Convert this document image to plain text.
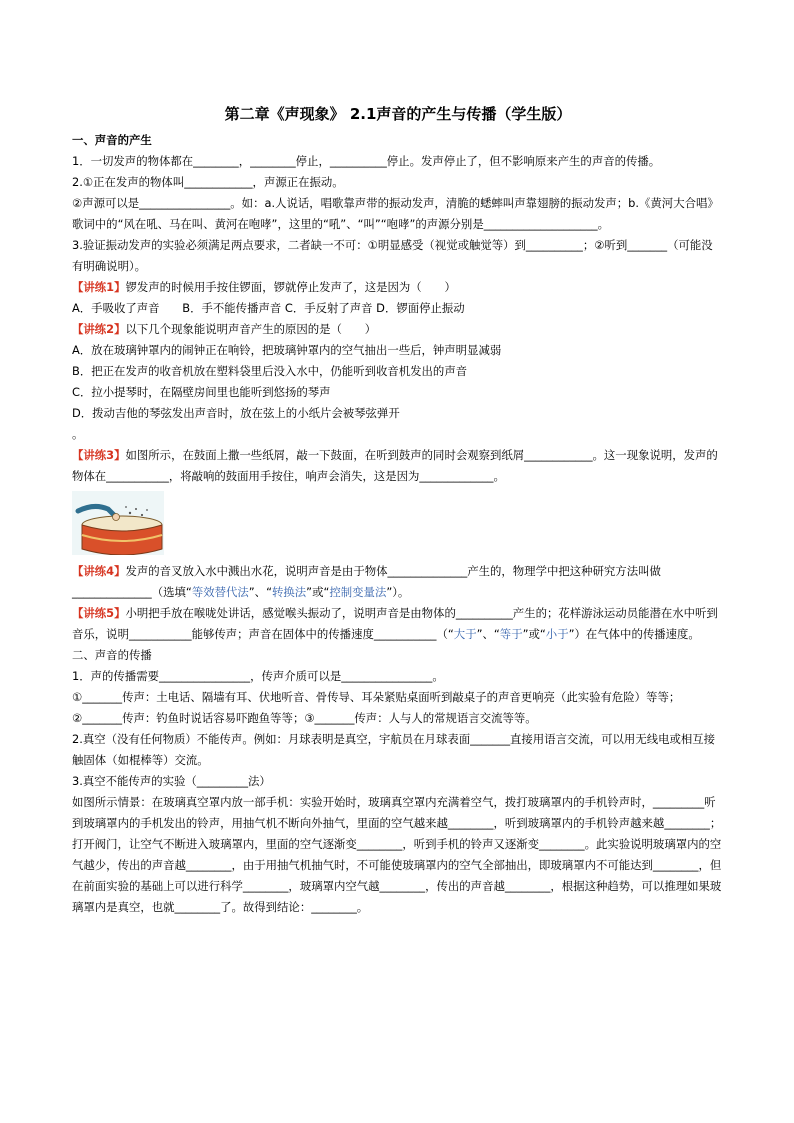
第二章《声现象》 2.1声音的产生与传播（学生版）

一、声音的产生

1．一切发声的物体都在________，________停止，__________停止。发声停止了，但不影响原来产生的声音的传播。

2.①正在发声的物体叫____________，声源正在振动。

②声源可以是________________。如：a.人说话，唱歌靠声带的振动发声，清脆的蟋蟀叫声靠翅膀的振动发声；b.《黄河大合唱》歌词中的“风在吼、马在叫、黄河在咆哮”，这里的“吼”、“叫”“咆哮”的声源分别是____________________。

3.验证振动发声的实验必须满足两点要求，二者缺一不可：①明显感受（视觉或触觉等）到__________；②听到_______（可能没有明确说明）。

【讲练1】锣发声的时候用手按住锣面，锣就停止发声了，这是因为（　　）

A．手吸收了声音　　B．手不能传播声音 C．手反射了声音 D．锣面停止振动

【讲练2】以下几个现象能说明声音产生的原因的是（　　）

A．放在玻璃钟罩内的闹钟正在响铃，把玻璃钟罩内的空气抽出一些后，钟声明显减弱

B．把正在发声的收音机放在塑料袋里后没入水中，仍能听到收音机发出的声音

C．拉小提琴时，在隔壁房间里也能听到悠扬的琴声

D．拨动吉他的琴弦发出声音时，放在弦上的小纸片会被琴弦弹开

。

【讲练3】如图所示，在鼓面上撒一些纸屑，敲一下鼓面，在听到鼓声的同时会观察到纸屑____________。这一现象说明，发声的物体在___________，将敲响的鼓面用手按住，响声会消失，这是因为_____________。

【讲练4】发声的音叉放入水中溅出水花，说明声音是由于物体______________产生的，物理学中把这种研究方法叫做______________（选填“等效替代法”、“转换法”或“控制变量法”）。

【讲练5】小明把手放在喉咙处讲话，感觉喉头振动了，说明声音是由物体的__________产生的；花样游泳运动员能潜在水中听到音乐，说明___________能够传声；声音在固体中的传播速度___________（“大于”、“等于”或“小于”）在气体中的传播速度。

二、声音的传播

1．声的传播需要________________，传声介质可以是________________。

①_______传声：土电话、隔墙有耳、伏地听音、骨传导、耳朵紧贴桌面听到敲桌子的声音更响亮（此实验有危险）等等；②_______传声：钓鱼时说话容易吓跑鱼等等；③_______传声：人与人的常规语言交流等等。

2.真空（没有任何物质）不能传声。例如：月球表明是真空，宇航员在月球表面_______直接用语言交流，可以用无线电或相互接触固体（如棍棒等）交流。

3.真空不能传声的实验（_________法）

如图所示情景：在玻璃真空罩内放一部手机：实验开始时，玻璃真空罩内充满着空气，拨打玻璃罩内的手机铃声时，_________听到玻璃罩内的手机发出的铃声，用抽气机不断向外抽气，里面的空气越来越________，听到玻璃罩内的手机铃声越来越________；打开阀门，让空气不断进入玻璃罩内，里面的空气逐渐变________，听到手机的铃声又逐渐变________。此实验说明玻璃罩内的空气越少，传出的声音越________，由于用抽气机抽气时，不可能使玻璃罩内的空气全部抽出，即玻璃罩内不可能达到________，但在前面实验的基础上可以进行科学________，玻璃罩内空气越________，传出的声音越________，根据这种趋势，可以推理如果玻璃罩内是真空，也就________了。故得到结论：________。
